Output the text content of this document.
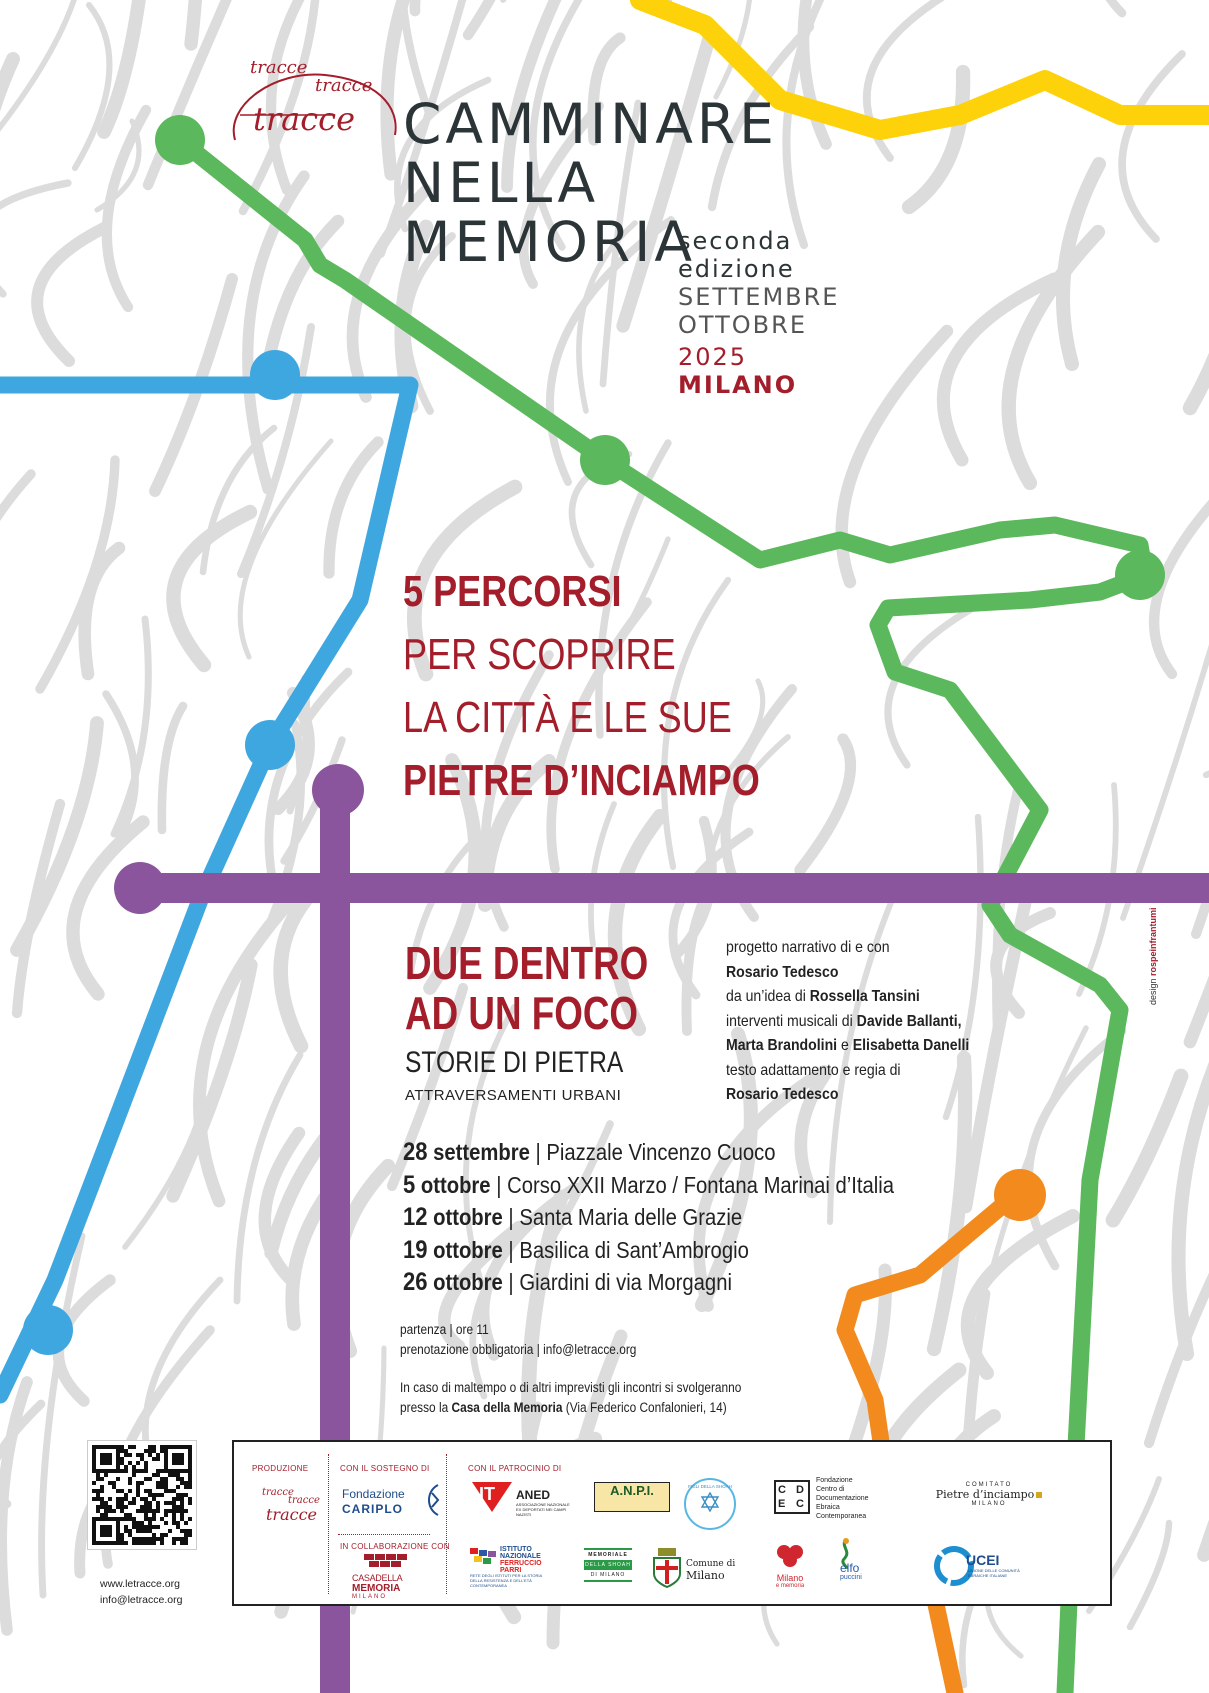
tracce
tracce
tracce CAMMINARE
NELLA
MEMORIA
seconda
edizione
SETTEMBRE
OTTOBRE
2025
MILANO
5 PERCORSI
PER SCOPRIRE
LA CITTÀ E LE SUE
PIETRE D’INCIAMPO
DUE DENTRO
AD UN FOCO
STORIE DI PIETRA
ATTRAVERSAMENTI URBANI
progetto narrativo di e con
Rosario Tedesco
da un’idea di Rossella Tansini
interventi musicali di Davide Ballanti,
Marta Brandolini e Elisabetta Danelli
testo adattamento e regia di
Rosario Tedesco
28 settembre | Piazzale Vincenzo Cuoco
5 ottobre | Corso XXII Marzo / Fontana Marinai d’Italia
12 ottobre | Santa Maria delle Grazie
19 ottobre | Basilica di Sant’Ambrogio
26 ottobre | Giardini di via Morgagni
partenza | ore 11
prenotazione obbligatoria | info@letracce.org
In caso di maltempo o di altri imprevisti gli incontri si svolgeranno
presso la Casa della Memoria (Via Federico Confalonieri, 14)
design rospeinfrantumi
www.letracce.org
info@letracce.org
PRODUZIONE
tracce
tracce
tracce
CON IL SOSTEGNO DI
Fondazione
CARIPLO
IN COLLABORAZIONE CON
CASADELLA
MEMORIA
MILANO
CON IL PATROCINIO DI
IT ANED
ASSOCIAZIONE NAZIONALE EX DEPORTATI NEI CAMPI NAZISTI
A.N.P.I.	FIGLI DELLA SHOAH	C D
E C
Fondazione
Centro di
Documentazione
Ebraica
Contemporanea
COMITATO
Pietre d’inciampo
MILANO
ISTITUTO
NAZIONALE
FERRUCCIO
PARRI
RETE DEGLI ISTITUTI PER LA STORIA DELLA RESISTENZA E DELL’ETÀ CONTEMPORANEA
MEMORIALE
DELLA SHOAH
DI MILANO
Comune di
Milano	Milano
e memoria
elfo
puccini
UCEI
UNIONE DELLE COMUNITÀ EBRAICHE ITALIANE
